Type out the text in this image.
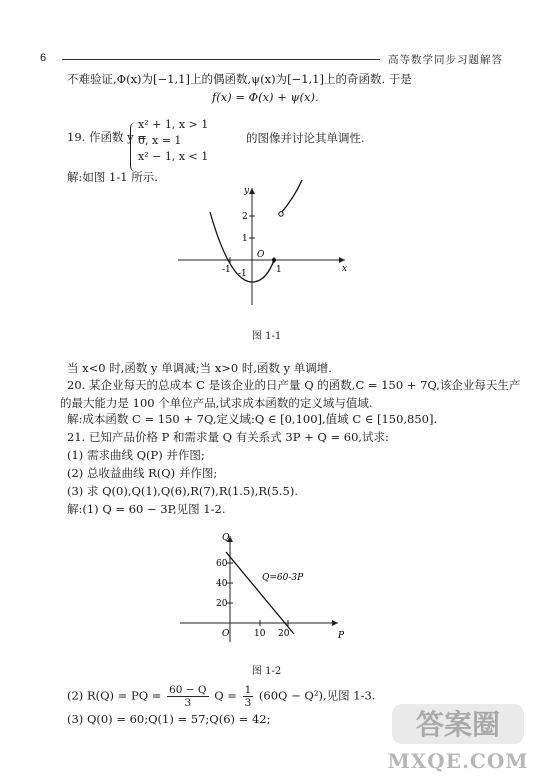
6	高等数学同步习题解答
不难验证,Φ(x)为[−1,1]上的偶函数,ψ(x)为[−1,1]上的奇函数. 于是
f(x) = Φ(x) + ψ(x).
19. 作函数 y =
x² + 1, x > 1
0, x = 1
x² − 1, x < 1
的图像并讨论其单调性.
解:如图 1-1 所示.
y
x
O
2
1
-1
-1	1
图 1-1
当 x<0 时,函数 y 单调减;当 x>0 时,函数 y 单调增.
20. 某企业每天的总成本 C 是该企业的日产量 Q 的函数,C = 150 + 7Q,该企业每天生产
的最大能力是 100 个单位产品,试求成本函数的定义域与值域.
解:成本函数 C = 150 + 7Q,定义域:Q ∈ [0,100],值域 C ∈ [150,850].
21. 已知产品价格 P 和需求量 Q 有关系式 3P + Q = 60,试求:
(1) 需求曲线 Q(P) 并作图;
(2) 总收益曲线 R(Q) 并作图;
(3) 求 Q(0),Q(1),Q(6),R(7),R(1.5),R(5.5).
解:(1) Q = 60 − 3P,见图 1-2.
Q
P
O
Q=60-3P
60
40
20
10 20
图 1-2
(2) R(Q) = PQ = $\frac{60 - Q}{3}$ $Q = \frac{1}{3} (60Q - Q^2)$,见图 1-3.
(3) Q(0) = 60;Q(1) = 57;Q(6) = 42;	答案圈
MXQE.COM
